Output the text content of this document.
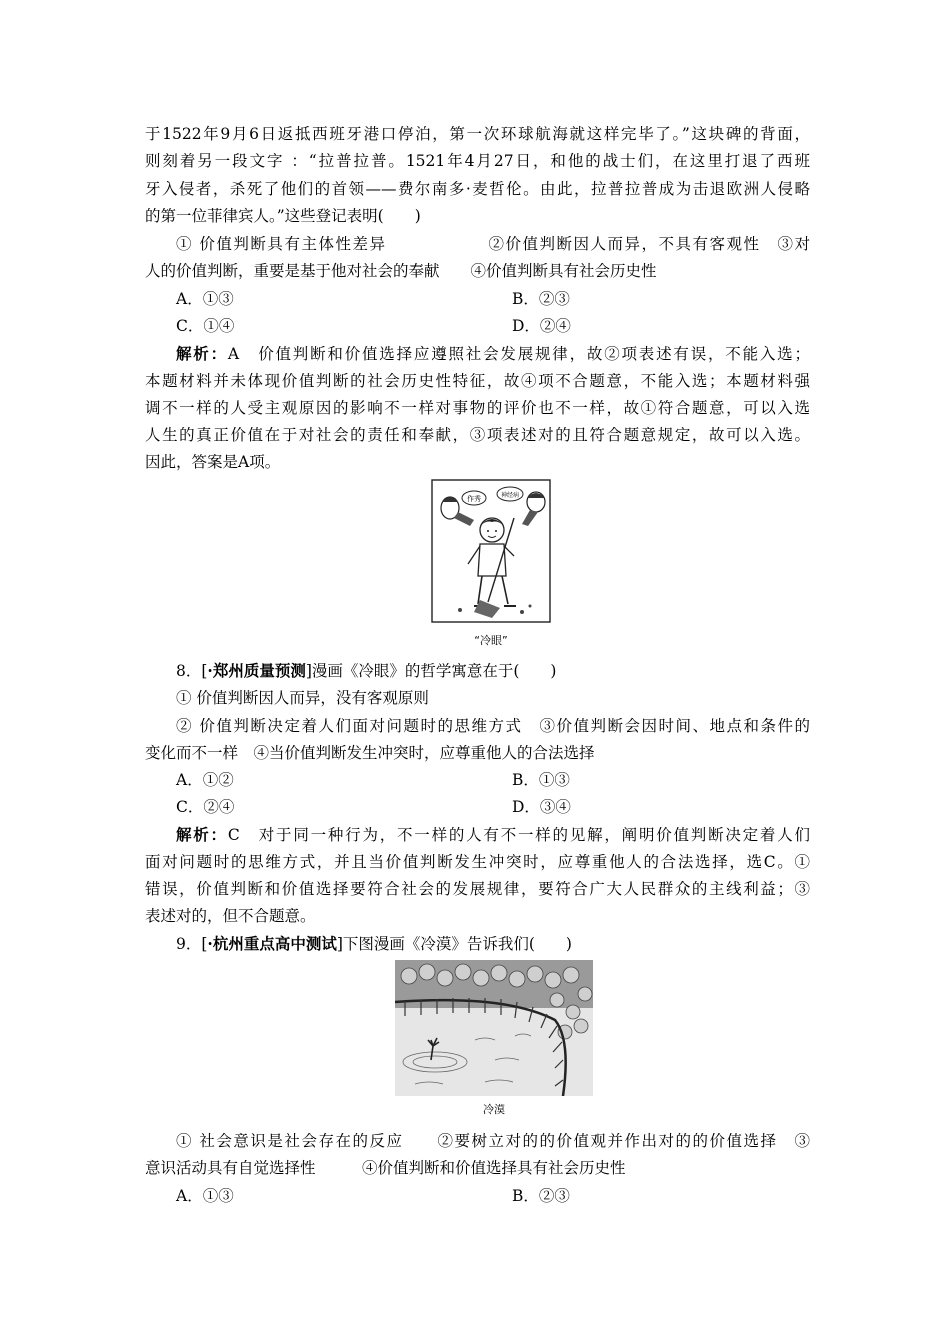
于1522年9月6日返抵西班牙港口停泊，第一次环球航海就这样完毕了。”这块碑的背面，
则刻着另一段文字 ：“拉普拉普。1521年4月27日，和他的战士们，在这里打退了西班
牙入侵者，杀死了他们的首领——费尔南多·麦哲伦。由此，拉普拉普成为击退欧洲人侵略
的第一位菲律宾人。”这些登记表明(　　)
① 价值判断具有主体性差异　　　　　　②价值判断因人而异，不具有客观性　③对
人的价值判断，重要是基于他对社会的奉献　　④价值判断具有社会历史性
A．①③	B．②③
C．①④	D．②④
解析：A　价值判断和价值选择应遵照社会发展规律，故②项表述有误，不能入选；
本题材料并未体现价值判断的社会历史性特征，故④项不合题意，不能入选；本题材料强
调不一样的人受主观原因的影响不一样对事物的评价也不一样，故①符合题意，可以入选
人生的真正价值在于对社会的责任和奉献，③项表述对的且符合题意规定，故可以入选。
因此，答案是A项。
作秀	神经病
“冷眼”
8．[·郑州质量预测]漫画《冷眼》的哲学寓意在于(　　)
① 价值判断因人而异，没有客观原则
② 价值判断决定着人们面对问题时的思维方式　③价值判断会因时间、地点和条件的
变化而不一样　④当价值判断发生冲突时，应尊重他人的合法选择
A．①②	B．①③
C．②④	D．③④
解析：C　对于同一种行为，不一样的人有不一样的见解，阐明价值判断决定着人们
面对问题时的思维方式，并且当价值判断发生冲突时，应尊重他人的合法选择，选C。①
错误，价值判断和价值选择要符合社会的发展规律，要符合广大人民群众的主线利益；③
表述对的，但不合题意。
9．[·杭州重点高中测试]下图漫画《冷漠》告诉我们(　　)
冷漠
① 社会意识是社会存在的反应　　②要树立对的的价值观并作出对的的价值选择　③
意识活动具有自觉选择性　　　④价值判断和价值选择具有社会历史性
A．①③	B．②③
